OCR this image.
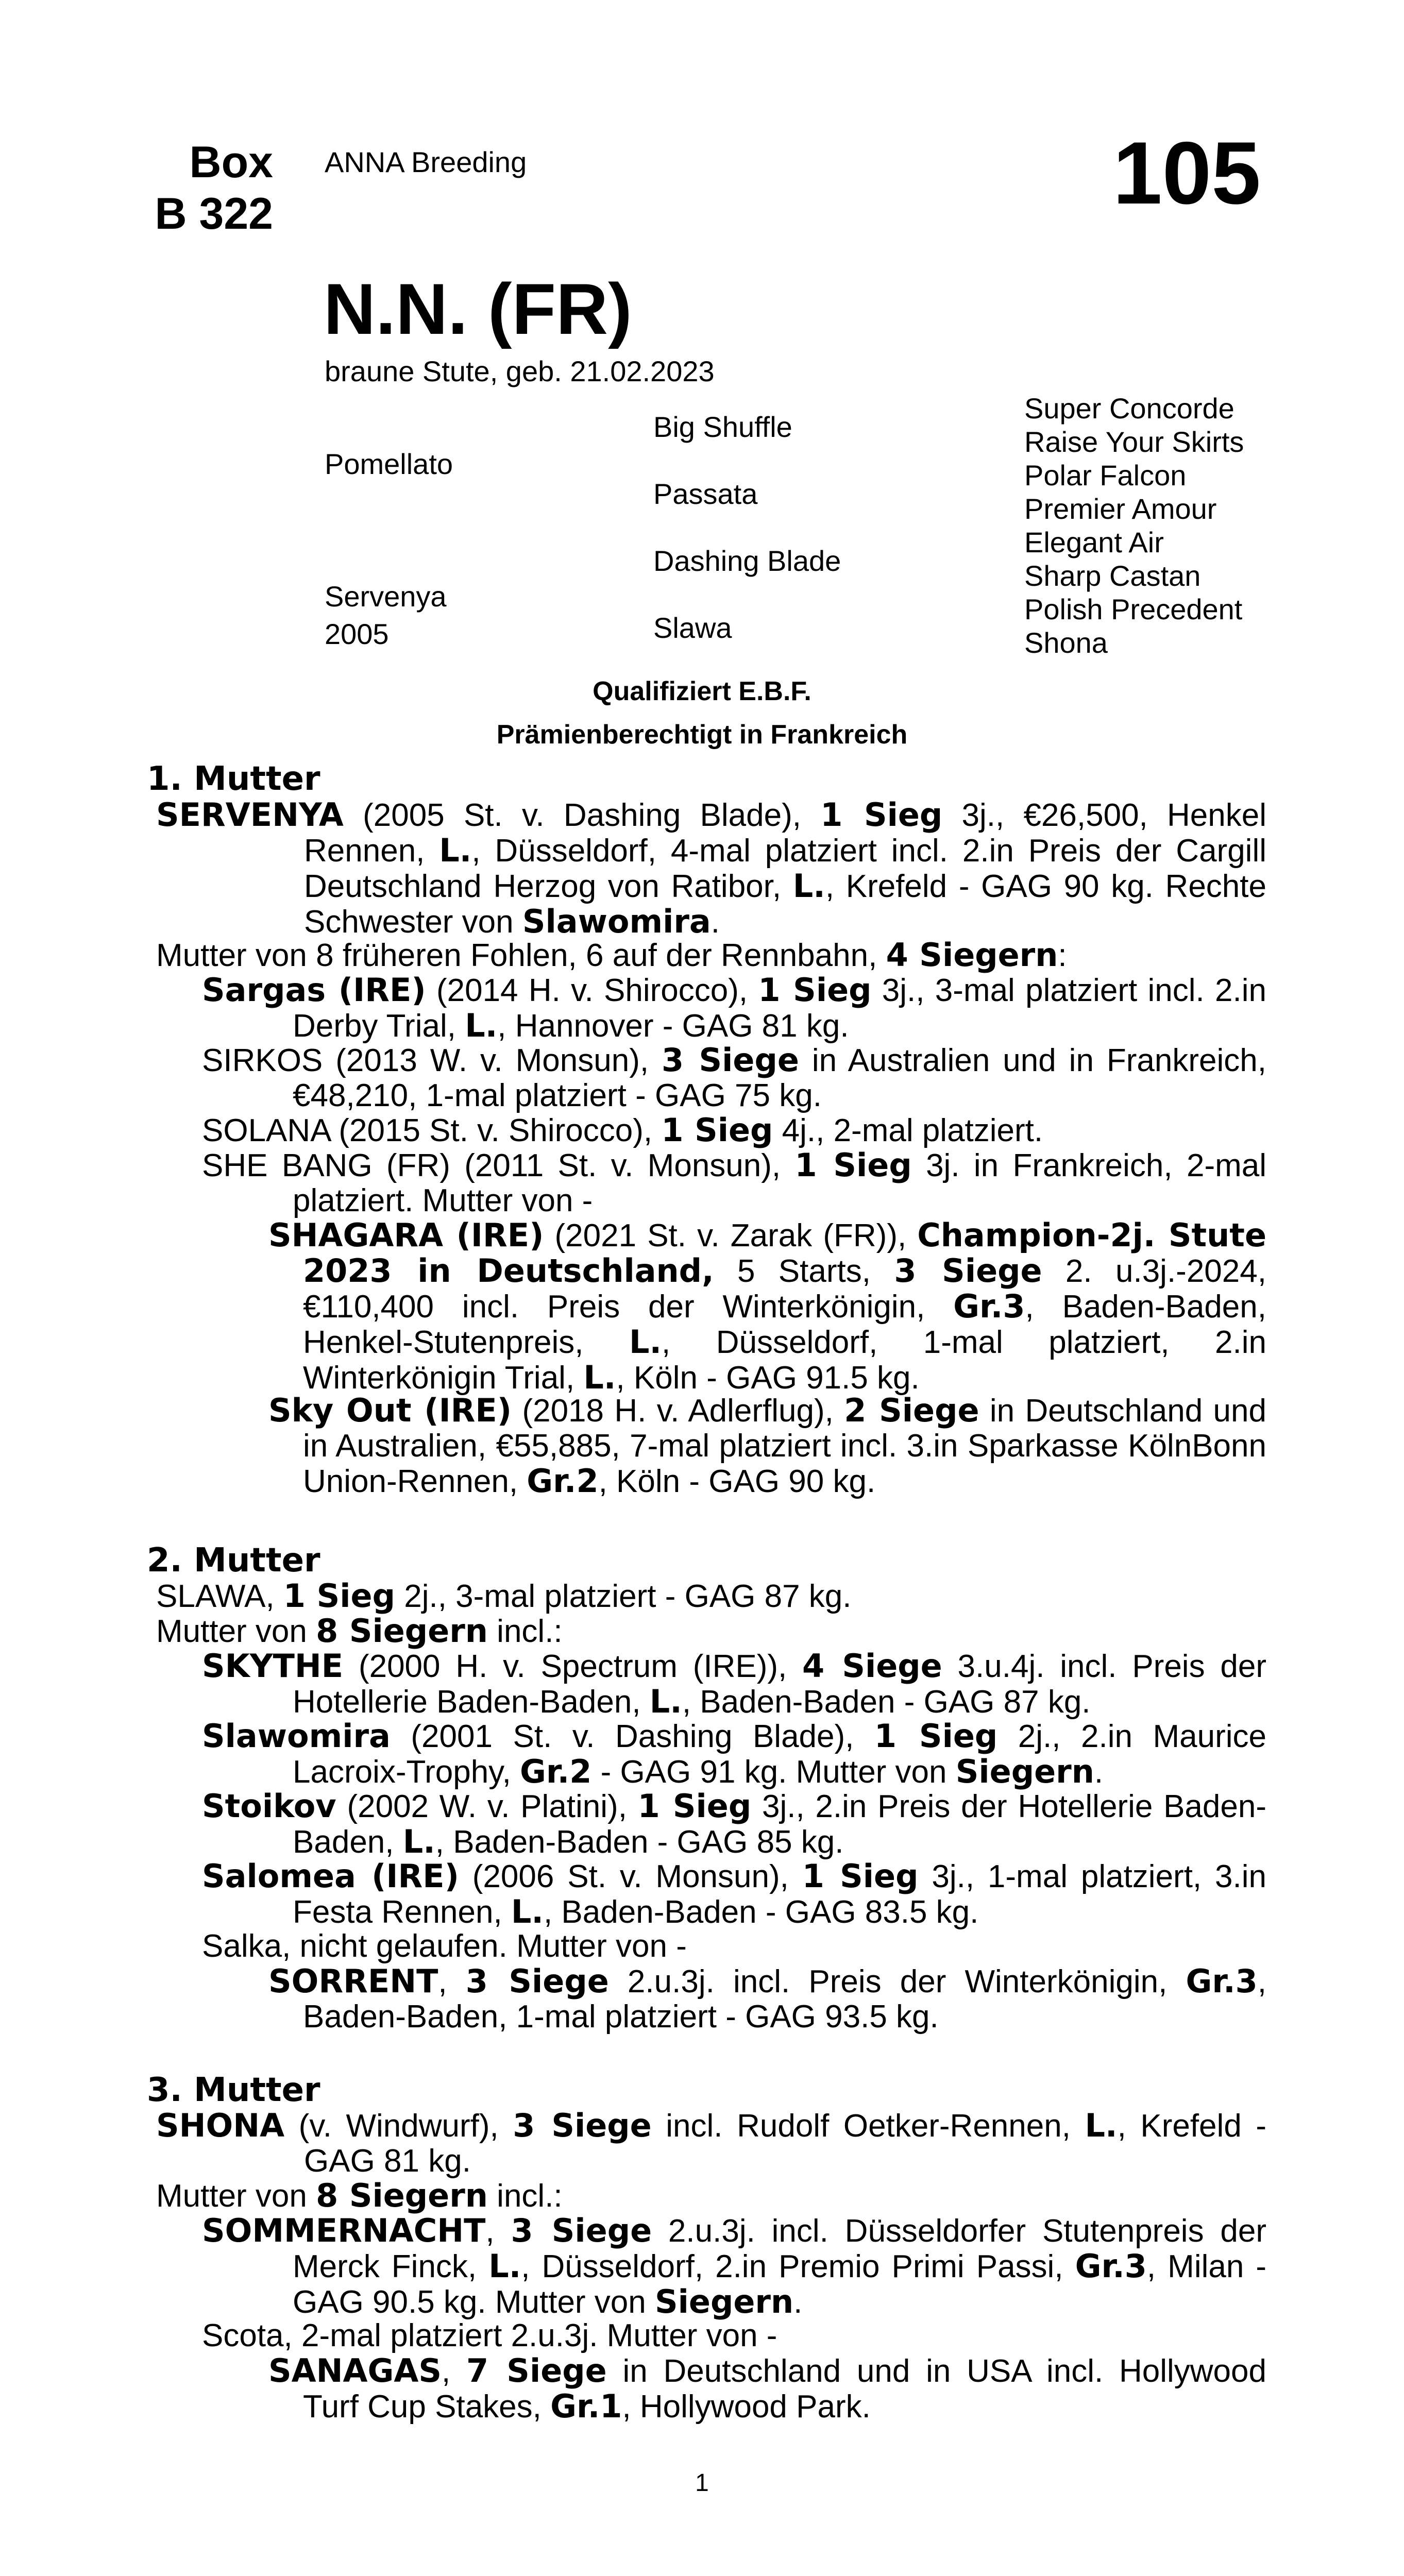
Box
B 322
ANNA Breeding	105
N.N. (FR)
braune Stute, geb. 21.02.2023
Pomellato
Servenya
2005
Big Shuffle
Passata
Dashing Blade
Slawa
Super Concorde
Raise Your Skirts
Polar Falcon
Premier Amour
Elegant Air
Sharp Castan
Polish Precedent
Shona
Qualifiziert E.B.F.
Prämienberechtigt in Frankreich
1. Mutter
SERVENYA (2005 St. v. Dashing Blade), 1 Sieg 3j., €26,500, Henkel Rennen, L., Düsseldorf, 4-mal platziert incl. 2.in Preis der Cargill Deutschland Herzog von Ratibor, L., Krefeld - GAG 90 kg. Rechte Schwester von Slawomira.
Mutter von 8 früheren Fohlen, 6 auf der Rennbahn, 4 Siegern:
Sargas (IRE) (2014 H. v. Shirocco), 1 Sieg 3j., 3-mal platziert incl. 2.in Derby Trial, L., Hannover - GAG 81 kg.
SIRKOS (2013 W. v. Monsun), 3 Siege in Australien und in Frankreich, €48,210, 1-mal platziert - GAG 75 kg.
SOLANA (2015 St. v. Shirocco), 1 Sieg 4j., 2-mal platziert.
SHE BANG (FR) (2011 St. v. Monsun), 1 Sieg 3j. in Frankreich, 2-mal platziert. Mutter von -
SHAGARA (IRE) (2021 St. v. Zarak (FR)), Champion-2j. Stute 2023 in Deutschland, 5 Starts, 3 Siege 2. u.3j.-2024, €110,400 incl. Preis der Winterkönigin, Gr.3, Baden-Baden, Henkel-Stutenpreis, L., Düsseldorf, 1-mal platziert, 2.in Winterkönigin Trial, L., Köln - GAG 91.5 kg.
Sky Out (IRE) (2018 H. v. Adlerflug), 2 Siege in Deutschland und in Australien, €55,885, 7-mal platziert incl. 3.in Sparkasse KölnBonn Union-Rennen, Gr.2, Köln - GAG 90 kg.
2. Mutter
SLAWA, 1 Sieg 2j., 3-mal platziert - GAG 87 kg.
Mutter von 8 Siegern incl.:
SKYTHE (2000 H. v. Spectrum (IRE)), 4 Siege 3.u.4j. incl. Preis der Hotellerie Baden-Baden, L., Baden-Baden - GAG 87 kg.
Slawomira (2001 St. v. Dashing Blade), 1 Sieg 2j., 2.in Maurice Lacroix-Trophy, Gr.2 - GAG 91 kg. Mutter von Siegern.
Stoikov (2002 W. v. Platini), 1 Sieg 3j., 2.in Preis der Hotellerie Baden-Baden, L., Baden-Baden - GAG 85 kg.
Salomea (IRE) (2006 St. v. Monsun), 1 Sieg 3j., 1-mal platziert, 3.in Festa Rennen, L., Baden-Baden - GAG 83.5 kg.
Salka, nicht gelaufen. Mutter von -
SORRENT, 3 Siege 2.u.3j. incl. Preis der Winterkönigin, Gr.3, Baden-Baden, 1-mal platziert - GAG 93.5 kg.
3. Mutter
SHONA (v. Windwurf), 3 Siege incl. Rudolf Oetker-Rennen, L., Krefeld - GAG 81 kg.
Mutter von 8 Siegern incl.:
SOMMERNACHT, 3 Siege 2.u.3j. incl. Düsseldorfer Stutenpreis der Merck Finck, L., Düsseldorf, 2.in Premio Primi Passi, Gr.3, Milan - GAG 90.5 kg. Mutter von Siegern.
Scota, 2-mal platziert 2.u.3j. Mutter von -
SANAGAS, 7 Siege in Deutschland und in USA incl. Hollywood Turf Cup Stakes, Gr.1, Hollywood Park.
1
